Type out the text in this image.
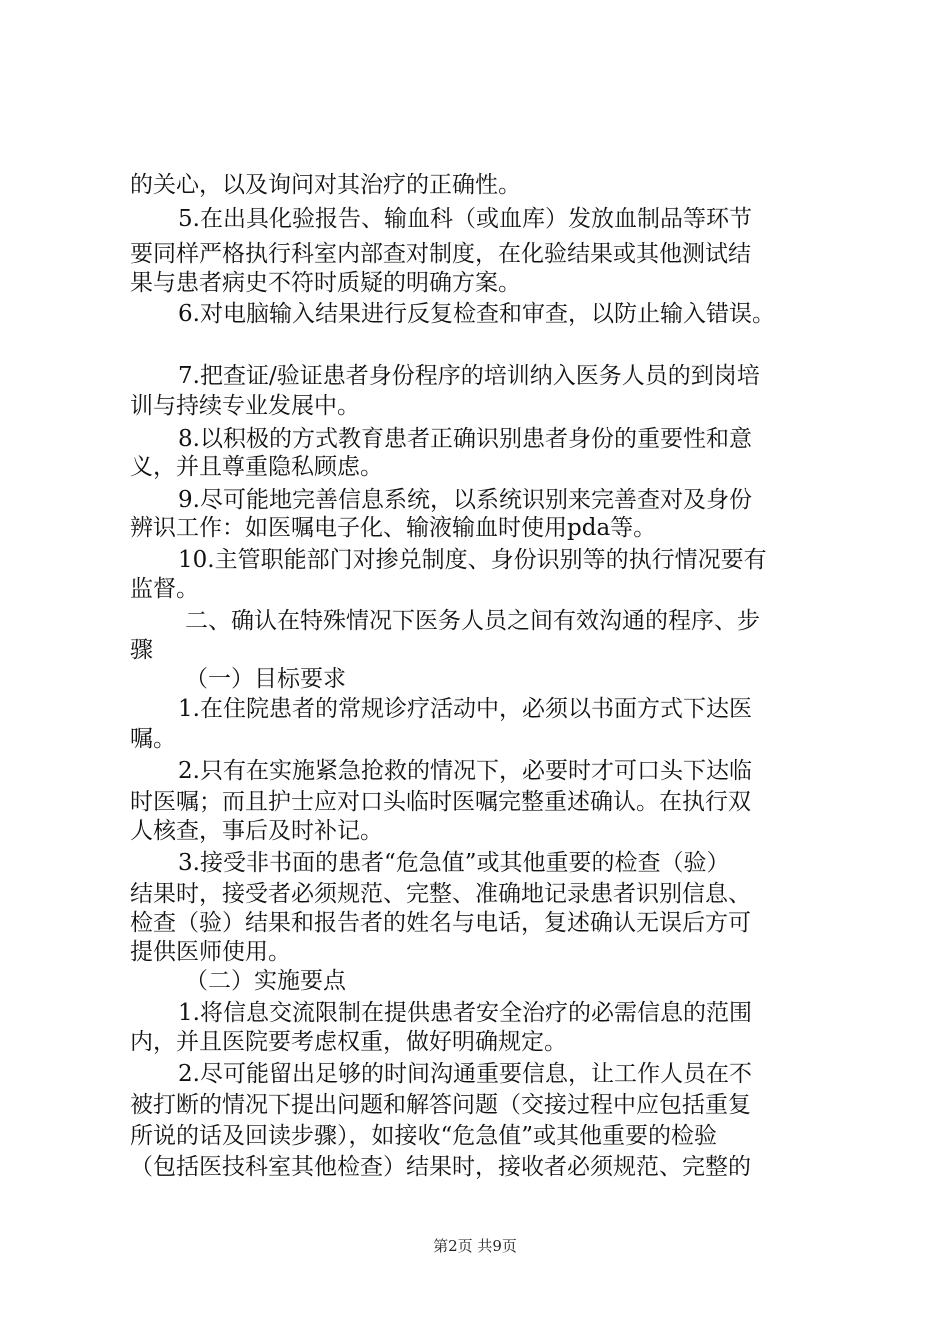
的关心，以及询问对其治疗的正确性。
5.在出具化验报告、输血科（或血库）发放血制品等环节
要同样严格执行科室内部查对制度，在化验结果或其他测试结
果与患者病史不符时质疑的明确方案。
6.对电脑输入结果进行反复检查和审查，以防止输入错误。
7.把查证/验证患者身份程序的培训纳入医务人员的到岗培
训与持续专业发展中。
8.以积极的方式教育患者正确识别患者身份的重要性和意
义，并且尊重隐私顾虑。
9.尽可能地完善信息系统，以系统识别来完善查对及身份
辨识工作：如医嘱电子化、输液输血时使用pda等。
10.主管职能部门对掺兑制度、身份识别等的执行情况要有
监督。
二、确认在特殊情况下医务人员之间有效沟通的程序、步
骤
（一）目标要求
1.在住院患者的常规诊疗活动中，必须以书面方式下达医
嘱。
2.只有在实施紧急抢救的情况下，必要时才可口头下达临
时医嘱；而且护士应对口头临时医嘱完整重述确认。在执行双
人核查，事后及时补记。
3.接受非书面的患者“危急值”或其他重要的检查（验）
结果时，接受者必须规范、完整、准确地记录患者识别信息、
检查（验）结果和报告者的姓名与电话，复述确认无误后方可
提供医师使用。
（二）实施要点
1.将信息交流限制在提供患者安全治疗的必需信息的范围
内，并且医院要考虑权重，做好明确规定。
2.尽可能留出足够的时间沟通重要信息，让工作人员在不
被打断的情况下提出问题和解答问题（交接过程中应包括重复
所说的话及回读步骤），如接收“危急值”或其他重要的检验
（包括医技科室其他检查）结果时，接收者必须规范、完整的
第2页 共9页
